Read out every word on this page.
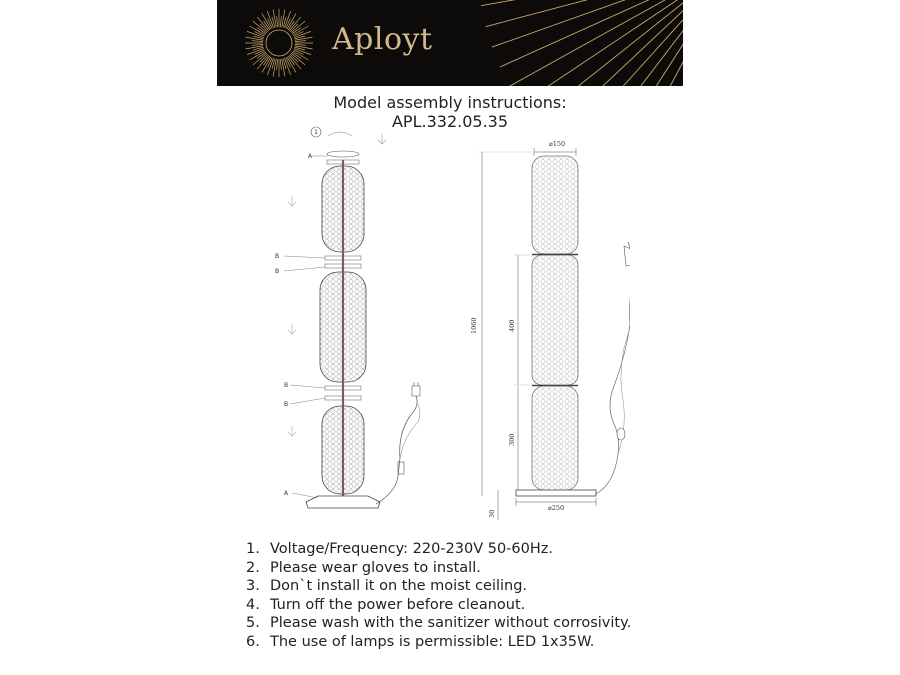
Aployt
Model assembly instructions:
APL.332.05.35
1
A
B
B
B
B
A
⌀150
1060	400
300
⌀250
30
1. Voltage/Frequency: 220-230V 50-60Hz.
2. Please wear gloves to install.
3. Don`t install it on the moist ceiling.
4. Turn off the power before cleanout.
5. Please wash with the sanitizer without corrosivity.
6. The use of lamps is permissible: LED 1x35W.
